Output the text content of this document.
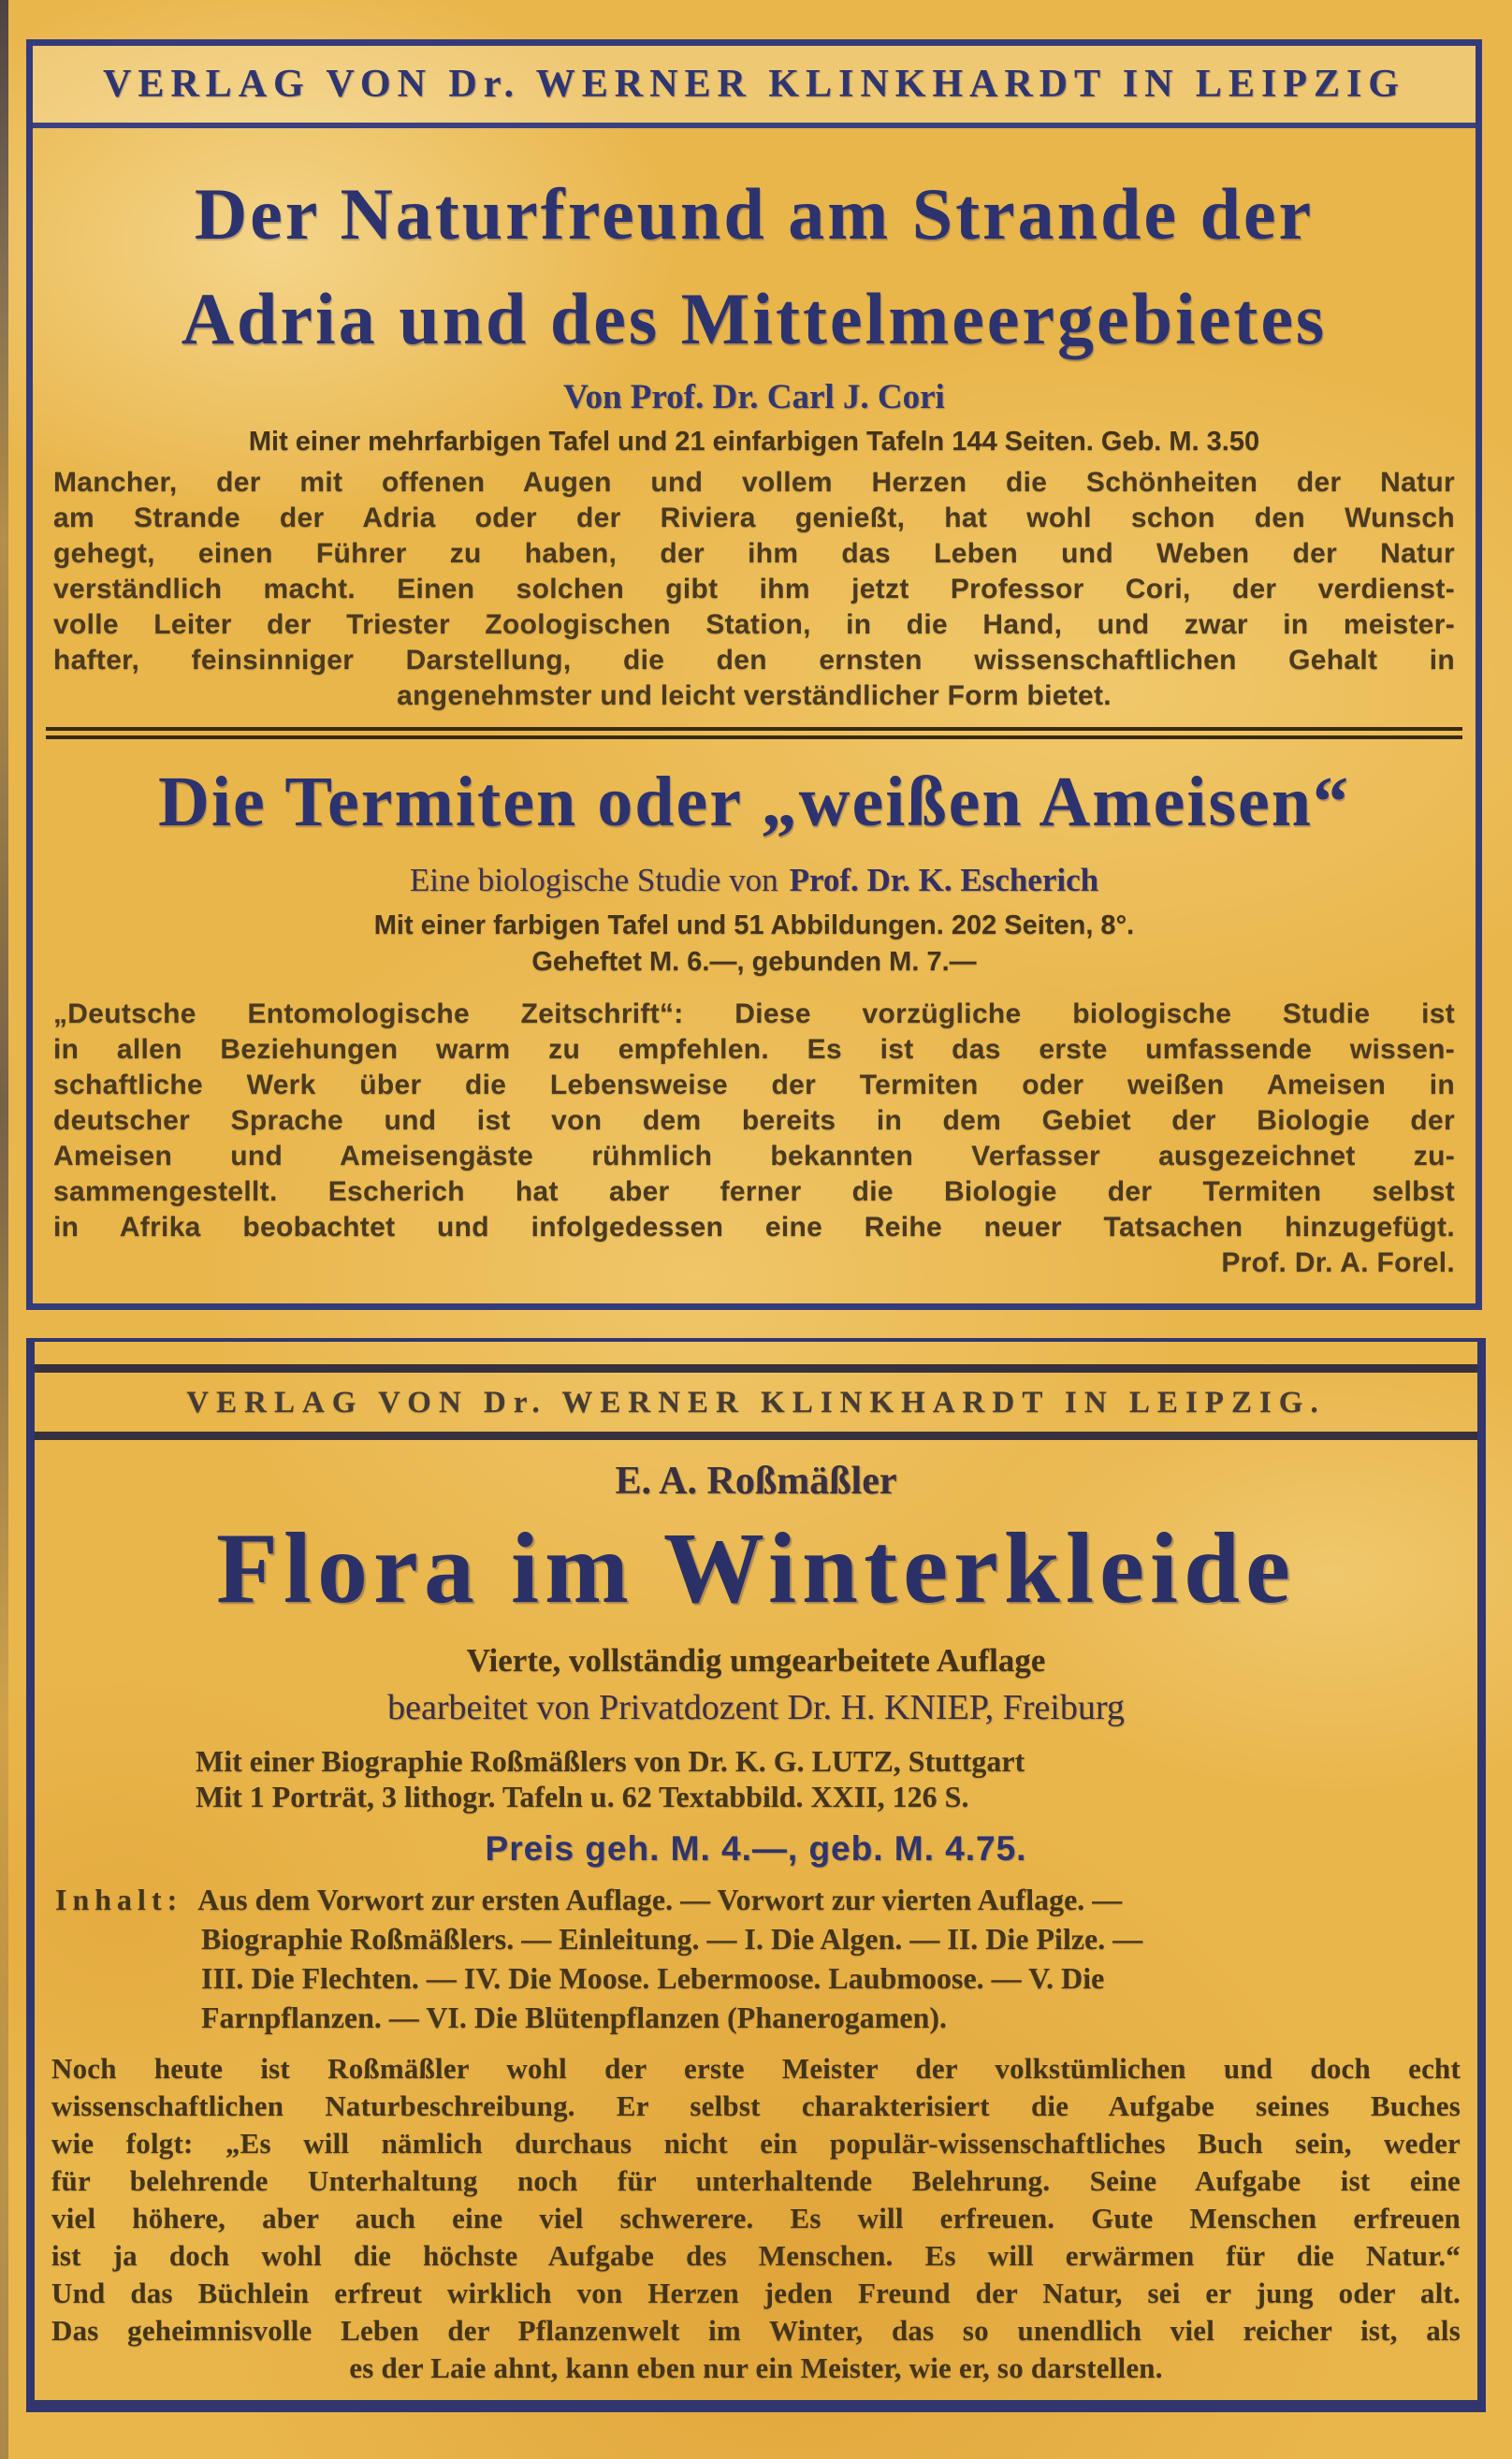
VERLAG VON Dr. WERNER KLINKHARDT IN LEIPZIG
Der Naturfreund am Strande der
Adria und des Mittelmeergebietes
Von Prof. Dr. Carl J. Cori
Mit einer mehrfarbigen Tafel und 21 einfarbigen Tafeln 144 Seiten. Geb. M. 3.50
Mancher, der mit offenen Augen und vollem Herzen die Schönheiten der Natur
am Strande der Adria oder der Riviera genießt, hat wohl schon den Wunsch
gehegt, einen Führer zu haben, der ihm das Leben und Weben der Natur
verständlich macht. Einen solchen gibt ihm jetzt Professor Cori, der verdienst-
volle Leiter der Triester Zoologischen Station, in die Hand, und zwar in meister-
hafter, feinsinniger Darstellung, die den ernsten wissenschaftlichen Gehalt in
angenehmster und leicht verständlicher Form bietet.
Die Termiten oder „weißen Ameisen“
Eine biologische Studie von Prof. Dr. K. Escherich
Mit einer farbigen Tafel und 51 Abbildungen. 202 Seiten, 8°.
Geheftet M. 6.—, gebunden M. 7.—
„Deutsche Entomologische Zeitschrift“: Diese vorzügliche biologische Studie ist
in allen Beziehungen warm zu empfehlen. Es ist das erste umfassende wissen-
schaftliche Werk über die Lebensweise der Termiten oder weißen Ameisen in
deutscher Sprache und ist von dem bereits in dem Gebiet der Biologie der
Ameisen und Ameisengäste rühmlich bekannten Verfasser ausgezeichnet zu-
sammengestellt. Escherich hat aber ferner die Biologie der Termiten selbst
in Afrika beobachtet und infolgedessen eine Reihe neuer Tatsachen hinzugefügt.
Prof. Dr. A. Forel.
VERLAG VON Dr. WERNER KLINKHARDT IN LEIPZIG.
E. A. Roßmäßler
Flora im Winterkleide
Vierte, vollständig umgearbeitete Auflage
bearbeitet von Privatdozent Dr. H. KNIEP, Freiburg
Mit einer Biographie Roßmäßlers von Dr. K. G. LUTZ, Stuttgart
Mit 1 Porträt, 3 lithogr. Tafeln u. 62 Textabbild. XXII, 126 S.
Preis geh. M. 4.—, geb. M. 4.75.
Inhalt: Aus dem Vorwort zur ersten Auflage. — Vorwort zur vierten Auflage. —
Biographie Roßmäßlers. — Einleitung. — I. Die Algen. — II. Die Pilze. —
III. Die Flechten. — IV. Die Moose. Lebermoose. Laubmoose. — V. Die
Farnpflanzen. — VI. Die Blütenpflanzen (Phanerogamen).
Noch heute ist Roßmäßler wohl der erste Meister der volkstümlichen und doch echt
wissenschaftlichen Naturbeschreibung. Er selbst charakterisiert die Aufgabe seines Buches
wie folgt: „Es will nämlich durchaus nicht ein populär-wissenschaftliches Buch sein, weder
für belehrende Unterhaltung noch für unterhaltende Belehrung. Seine Aufgabe ist eine
viel höhere, aber auch eine viel schwerere. Es will erfreuen. Gute Menschen erfreuen
ist ja doch wohl die höchste Aufgabe des Menschen. Es will erwärmen für die Natur.“
Und das Büchlein erfreut wirklich von Herzen jeden Freund der Natur, sei er jung oder alt.
Das geheimnisvolle Leben der Pflanzenwelt im Winter, das so unendlich viel reicher ist, als
es der Laie ahnt, kann eben nur ein Meister, wie er, so darstellen.
